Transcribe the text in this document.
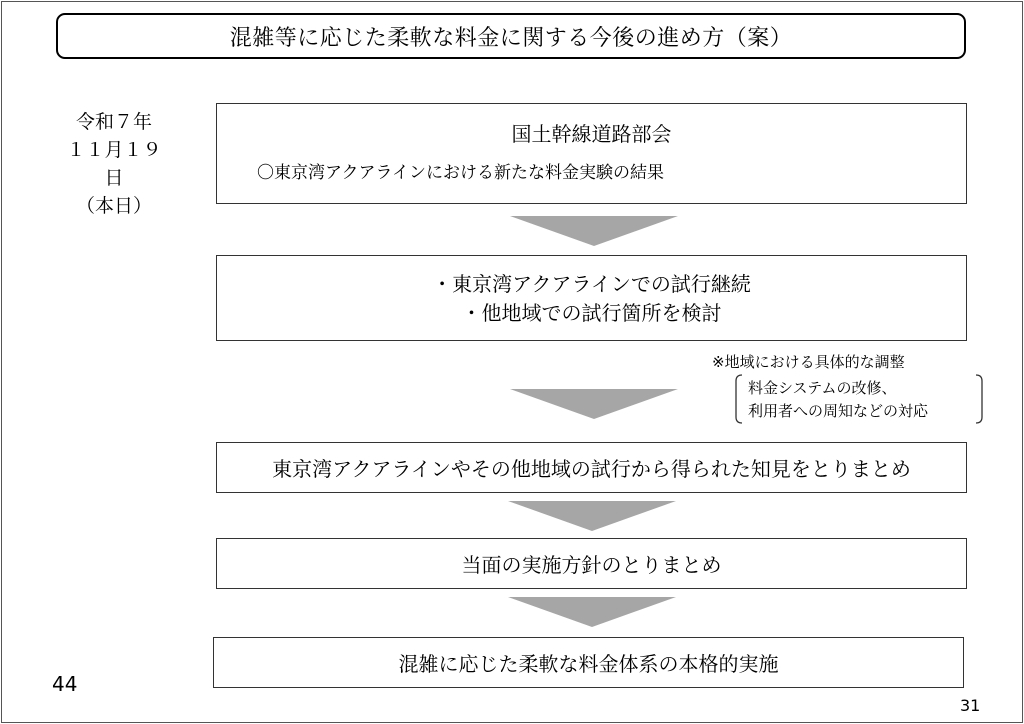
混雑等に応じた柔軟な料金に関する今後の進め方（案）
令和７年
１１月１９日
（本日）
国土幹線道路部会
〇東京湾アクアラインにおける新たな料金実験の結果
・東京湾アクアラインでの試行継続
・他地域での試行箇所を検討
※地域における具体的な調整
料金システムの改修、
利用者への周知などの対応
東京湾アクアラインやその他地域の試行から得られた知見をとりまとめ
当面の実施方針のとりまとめ
混雑に応じた柔軟な料金体系の本格的実施
44
31
